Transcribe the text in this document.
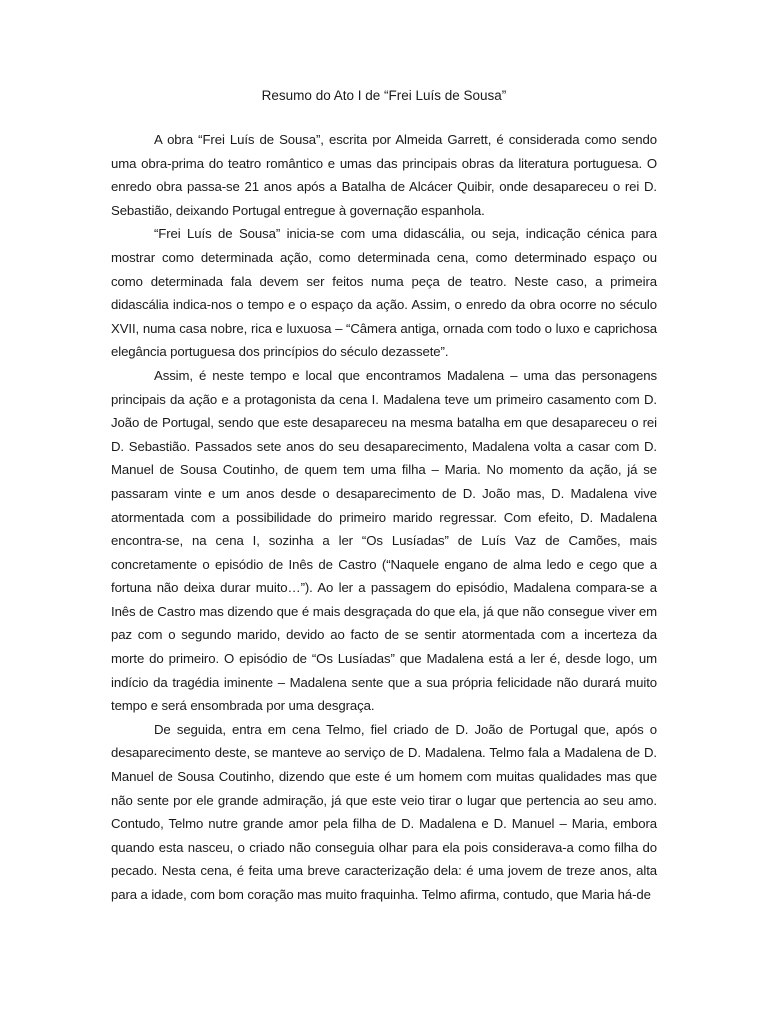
Resumo do Ato I de “Frei Luís de Sousa”

A obra “Frei Luís de Sousa”, escrita por Almeida Garrett, é considerada como sendo uma obra-prima do teatro romântico e umas das principais obras da literatura portuguesa. O enredo obra passa-se 21 anos após a Batalha de Alcácer Quibir, onde desapareceu o rei D. Sebastião, deixando Portugal entregue à governação espanhola.

“Frei Luís de Sousa” inicia-se com uma didascália, ou seja, indicação cénica para mostrar como determinada ação, como determinada cena, como determinado espaço ou como determinada fala devem ser feitos numa peça de teatro. Neste caso, a primeira didascália indica-nos o tempo e o espaço da ação. Assim, o enredo da obra ocorre no século XVII, numa casa nobre, rica e luxuosa – “Câmera antiga, ornada com todo o luxo e caprichosa elegância portuguesa dos princípios do século dezassete”.

Assim, é neste tempo e local que encontramos Madalena – uma das personagens principais da ação e a protagonista da cena I. Madalena teve um primeiro casamento com D. João de Portugal, sendo que este desapareceu na mesma batalha em que desapareceu o rei D. Sebastião. Passados sete anos do seu desaparecimento, Madalena volta a casar com D. Manuel de Sousa Coutinho, de quem tem uma filha – Maria. No momento da ação, já se passaram vinte e um anos desde o desaparecimento de D. João mas, D. Madalena vive atormentada com a possibilidade do primeiro marido regressar. Com efeito, D. Madalena encontra-se, na cena I, sozinha a ler “Os Lusíadas” de Luís Vaz de Camões, mais concretamente o episódio de Inês de Castro (“Naquele engano de alma ledo e cego que a fortuna não deixa durar muito…”). Ao ler a passagem do episódio, Madalena compara-se a Inês de Castro mas dizendo que é mais desgraçada do que ela, já que não consegue viver em paz com o segundo marido, devido ao facto de se sentir atormentada com a incerteza da morte do primeiro. O episódio de “Os Lusíadas” que Madalena está a ler é, desde logo, um indício da tragédia iminente – Madalena sente que a sua própria felicidade não durará muito tempo e será ensombrada por uma desgraça.

De seguida, entra em cena Telmo, fiel criado de D. João de Portugal que, após o desaparecimento deste, se manteve ao serviço de D. Madalena. Telmo fala a Madalena de D. Manuel de Sousa Coutinho, dizendo que este é um homem com muitas qualidades mas que não sente por ele grande admiração, já que este veio tirar o lugar que pertencia ao seu amo. Contudo, Telmo nutre grande amor pela filha de D. Madalena e D. Manuel – Maria, embora quando esta nasceu, o criado não conseguia olhar para ela pois considerava-a como filha do pecado. Nesta cena, é feita uma breve caracterização dela: é uma jovem de treze anos, alta para a idade, com bom coração mas muito fraquinha. Telmo afirma, contudo, que Maria há-de
